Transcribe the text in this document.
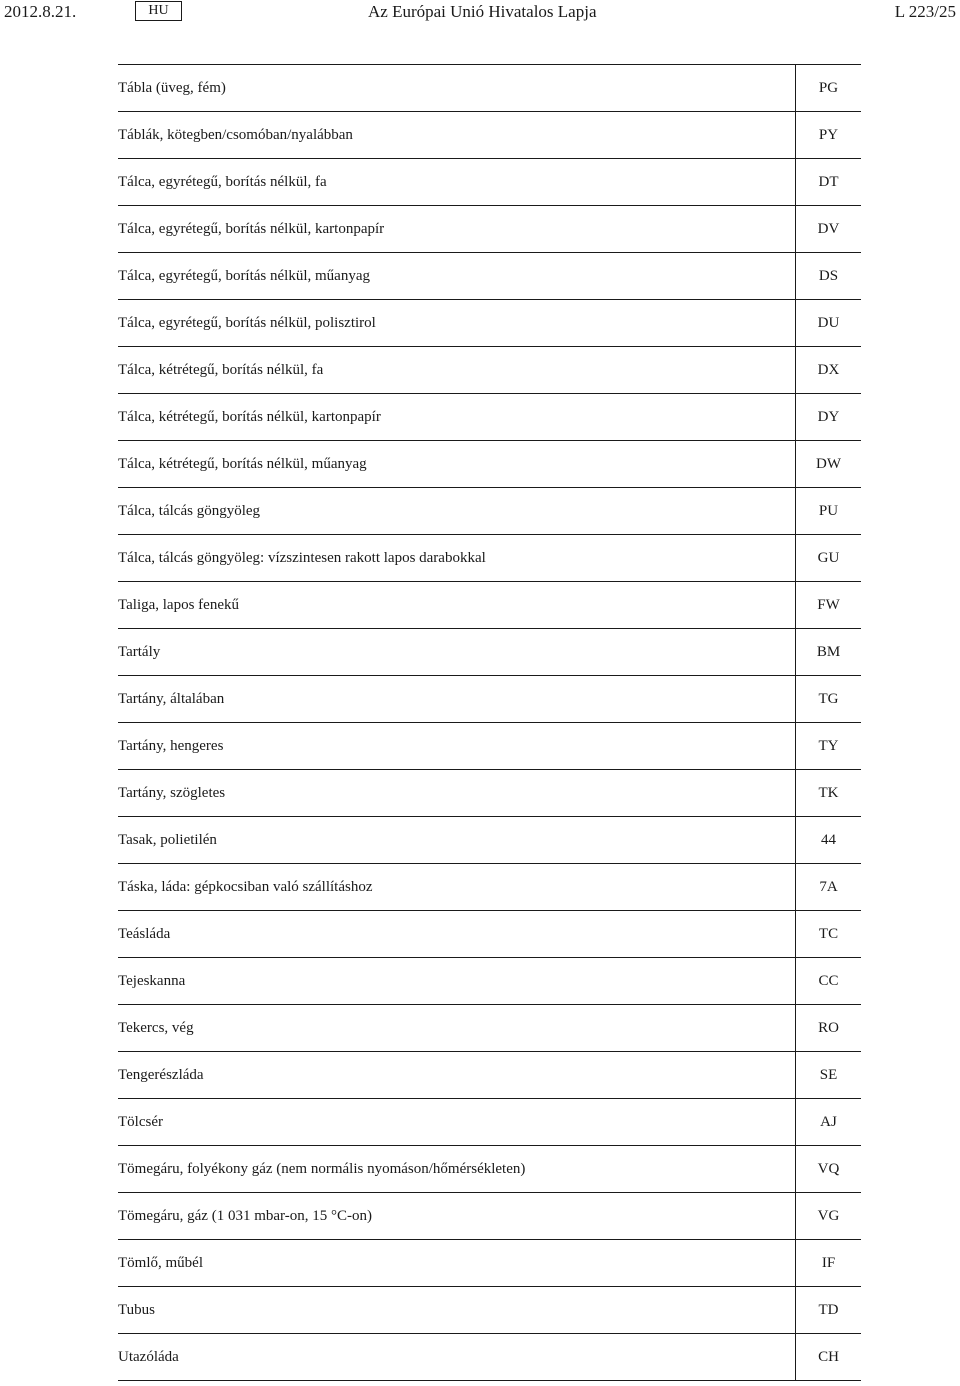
2012.8.21.	HU	Az Európai Unió Hivatalos Lapja	L 223/25
Tábla (üveg, fém)	PG
Táblák, kötegben/csomóban/nyalábban	PY
Tálca, egyrétegű, borítás nélkül, fa	DT
Tálca, egyrétegű, borítás nélkül, kartonpapír	DV
Tálca, egyrétegű, borítás nélkül, műanyag	DS
Tálca, egyrétegű, borítás nélkül, polisztirol	DU
Tálca, kétrétegű, borítás nélkül, fa	DX
Tálca, kétrétegű, borítás nélkül, kartonpapír	DY
Tálca, kétrétegű, borítás nélkül, műanyag	DW
Tálca, tálcás göngyöleg	PU
Tálca, tálcás göngyöleg: vízszintesen rakott lapos darabokkal	GU
Taliga, lapos fenekű	FW
Tartály	BM
Tartány, általában	TG
Tartány, hengeres	TY
Tartány, szögletes	TK
Tasak, polietilén	44
Táska, láda: gépkocsiban való szállításhoz	7A
Teásláda	TC
Tejeskanna	CC
Tekercs, vég	RO
Tengerészláda	SE
Tölcsér	AJ
Tömegáru, folyékony gáz (nem normális nyomáson/hőmérsékleten)	VQ
Tömegáru, gáz (1 031 mbar-on, 15 °C-on)	VG
Tömlő, műbél	IF
Tubus	TD
Utazóláda	CH
